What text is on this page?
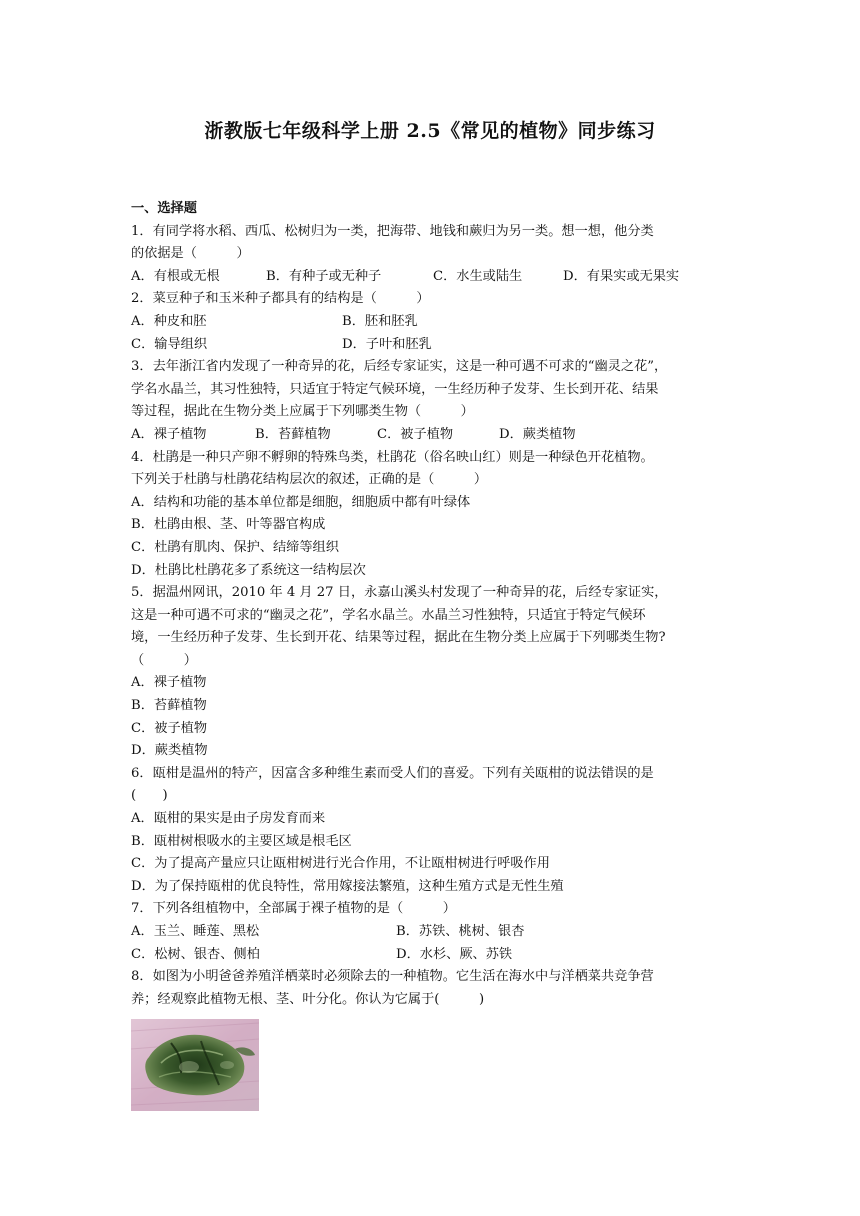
浙教版七年级科学上册 2.5《常见的植物》同步练习
一、选择题
1．有同学将水稻、西瓜、松树归为一类，把海带、地钱和蕨归为另一类。想一想，他分类
的依据是（　　　）
A．有根或无根	B．有种子或无种子	C．水生或陆生	D．有果实或无果实
2．菜豆种子和玉米种子都具有的结构是（　　　）
A．种皮和胚	B．胚和胚乳
C．输导组织	D．子叶和胚乳
3．去年浙江省内发现了一种奇异的花，后经专家证实，这是一种可遇不可求的“幽灵之花”，
学名水晶兰，其习性独特，只适宜于特定气候环境，一生经历种子发芽、生长到开花、结果
等过程，据此在生物分类上应属于下列哪类生物（　　　）
A．裸子植物	B．苔藓植物	C．被子植物	D．蕨类植物
4．杜鹃是一种只产卵不孵卵的特殊鸟类，杜鹃花（俗名映山红）则是一种绿色开花植物。
下列关于杜鹃与杜鹃花结构层次的叙述，正确的是（　　　）
A．结构和功能的基本单位都是细胞，细胞质中都有叶绿体
B．杜鹃由根、茎、叶等器官构成
C．杜鹃有肌肉、保护、结缔等组织
D．杜鹃比杜鹃花多了系统这一结构层次
5．据温州网讯，2010 年 4 月 27 日，永嘉山溪头村发现了一种奇异的花，后经专家证实，
这是一种可遇不可求的“幽灵之花”，学名水晶兰。水晶兰习性独特，只适宜于特定气候环
境，一生经历种子发芽、生长到开花、结果等过程，据此在生物分类上应属于下列哪类生物?
（　　　）
A．裸子植物
B．苔藓植物
C．被子植物
D．蕨类植物
6．瓯柑是温州的特产，因富含多种维生素而受人们的喜爱。下列有关瓯柑的说法错误的是
(　　)
A．瓯柑的果实是由子房发育而来
B．瓯柑树根吸水的主要区域是根毛区
C．为了提高产量应只让瓯柑树进行光合作用，不让瓯柑树进行呼吸作用
D．为了保持瓯柑的优良特性，常用嫁接法繁殖，这种生殖方式是无性生殖
7．下列各组植物中，全部属于裸子植物的是（　　　）
A．玉兰、睡莲、黑松	B．苏铁、桃树、银杏
C．松树、银杏、侧柏	D．水杉、厥、苏铁
8．如图为小明爸爸养殖洋栖菜时必须除去的一种植物。它生活在海水中与洋栖菜共竞争营
养；经观察此植物无根、茎、叶分化。你认为它属于(　　　)
